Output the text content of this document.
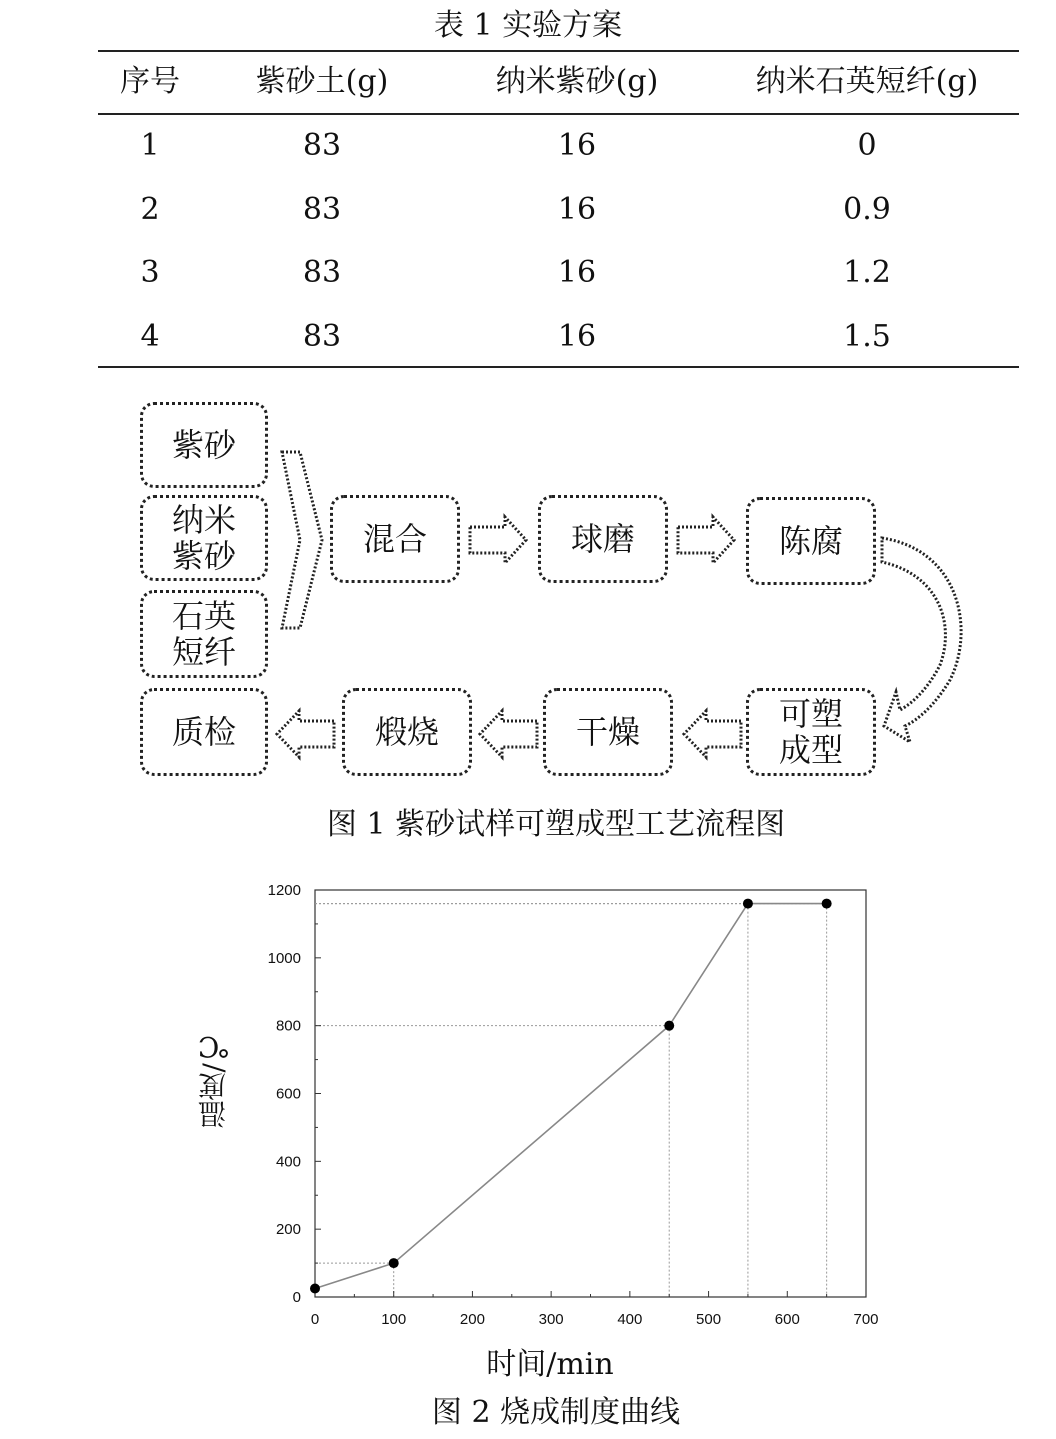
表 1 实验方案
序号	紫砂土(g)	纳米紫砂(g)	纳米石英短纤(g)
1	83	16	0
2	83	16	0.9
3	83	16	1.2
4	83	16	1.5
紫砂
纳米
紫砂
石英
短纤
混合	球磨	陈腐
可塑
成型
干燥
煅烧
质检
图 1 紫砂试样可塑成型工艺流程图
温度/℃
0	100	200	300	400	500	600	700
0
200
400
600
800
1000
1200
时间/min
图 2 烧成制度曲线
